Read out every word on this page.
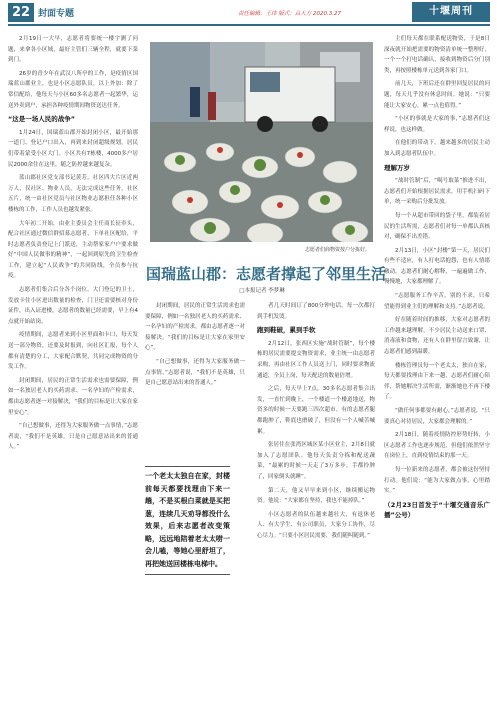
22 封面专题	责任编辑：王玮 版式：吕大方 2020.3.27	十堰周刊

2月19日一大早，志愿者将要统一楼宇测了问题，来拿各小区域，最好主管们三辆全程，就要下菜到门。

26岁的青少年在武汉八所亭的工作，是疫情区国瑞蓝山郡业主，也是小区志愿队员。以上外加：除了常信配给，他每天与小区60多名志愿者一起繁华，运送外卖到户，承担各种疫情期间物资送达任务。

“这是一场人民的战争”

1月24日，国瑞蓝山郡开始封闭小区，最开始那一道门、登记户口出入，再到来封闭超级规划，居民们带着蒙受小区大门。小区共有7栋楼，4000多户居民2000余住在这里，随之防控越来越复杂。

蓝山郡社区党支部书记黄芳，社区四大片区近两万人，仅社区、物业人员，无法完成这些任务，社区五片，统一由社区党员与社区物业志愿担任各种小区楼栋的工作，工作人员也越发紧张。

大年初二开始，由业主委员会主任商长征牵头，配合社区通过微信群招募志愿者，下单社区配给，平时志愿者负责登记上门派送，主动帮家家户户要求做好“中国人民做事的精神”，一起回到原先的卫生检查工作，建立起“人民战争”的共同防线，全员参与抗疫。

志愿者们集合后分各个岗位。大门登记的卫士，发放卡住小区进出数量的检查，门卫还需要核对身份证件，出入证进楼，志愿者的数量已经需要，早上有4点就开始站岗。

疫情期间，志愿者来到小区里面和卡口，每天发送一部分物资，还要及时报到，向社区汇报，每个人都有清楚的分工，大家配合默契，共同完成物资的分发工作。

封闭期间，居民的正常生活需求也需要保障，例如一名独居老人的买药需求、一名孕妇的产检需求，都由志愿者逐一对接解决，“我们的目标是让大家在家里安心”。

“自己想做事，还得为大家服务做一点事情，”志愿者说，“我们不是英雄，只是自己愿意站出来的普通人。”

志愿者们商物资按户分拣好。
国瑞蓝山郡：志愿者撑起了邻里生活
□本报记者 李梦琳

者几天时间订了800分钟电话，每一次都打到手机发烫。

跑到鞋破，累到手软

2月12日，张西区实施“战时管制”，每个楼栋的居民需要提交物资需求，业主统一由志愿者采购，再由社区工作人员送上门，同时要求物流通道，全员上岗，每天配送的数量倍增。

之后，每天早上7点，30多名志愿者集合出发，一直忙到晚上，一个楼道一个楼道地送，物资多的时候一天要跑三四次超市。有的志愿者腿都跑肿了，鞋底也磨破了，但没有一个人喊苦喊累。

张居住在张湾区城区某小区业主，2月8日就加入了志愿团队。他每天负责分拣和配送蔬菜，“最累的时候一天走了3万多步，手都拎肿了，回家倒头就睡”。

第二天，他又早早来到小区，继续搬运物资。他说：“大家都在坚持，我也不能掉队。”

小区志愿者的队伍越来越壮大，有退休老人、有大学生、有公司职员，大家分工协作，尽心尽力。“只要小区居民需要，我们随叫随到。”

一个老太太独自在家，封楼前每天都要找理由下来一趟，不是买根白菜就是买把葱，连续几天劝导都没什么效果，后来志愿者改变策略，远远地陪着老太太唠一会儿嗑，等她心里舒坦了，再把她送回楼栋电梯中。

封闭期间，居民的正常生活需求也需要保障，例如一名独居老人的买药需求、一名孕妇的产检需求，都由志愿者逐一对接解决，“我们的目标是让大家在家里安心”。

“自己想做事，还得为大家服务做一点事情，”志愿者说，“我们不是英雄，只是自己愿意站出来的普通人。”

主们每天都在联系配送物资，于是8日深夜就开始把需要的物资清单统一整理好，一个一个打电话确认，接收到物资后分门别类，再按照楼栋单元送到各家门口。

前几天，下班后还在群里回复居民的问题，每天几乎没有休息时间。她说：“只要能让大家安心，累一点也值得。”

“小区的事就是大家的事，”志愿者们这样说，也这样做。

在他们的带动下，越来越多的居民主动加入到志愿者队伍中。

理解万岁

“战时管制”后，“喝号取菜”推进不出，志愿者们开始根据居民需求，用手机扫码下单，统一采购后分批发放。

每一个从超市带回的袋子里，都装着居民的生活所需，志愿者们对每一单都认真核对，确保不出差错。

2月13日，小区“封楼”第一天，居民们有些不适应，有人打电话抱怨，也有人情绪激动。志愿者们耐心解释，一遍遍做工作，慢慢地，大家都理解了。

“志愿服务工作辛苦，别的不求，只希望能得到业主们的理解和支持。”志愿者说。

好在随着时间的推移，大家对志愿者的工作越来越理解，不少居民主动送来口罩、消毒液和食物，还有人在群里留言致谢，让志愿者们感到温暖。

楼栋管理员每一个老太太，独自在家，每天都要找理由下来一趟，志愿者们耐心陪伴，帮她解决生活所需，渐渐她也不再下楼了。

“做任何事都要有耐心，”志愿者说，“只要真心对待居民，大家都会理解的。”

2月18日，随着疫情防控形势好转，小区志愿者工作也逐步规范，但他们依然坚守在岗位上，直到疫情结束的那一天。

每一位新来的志愿者，都会被这份坚持打动。他们说：“能为大家做点事，心里踏实。”

（2月23日首发于“十堰交通音乐广播”公号）
